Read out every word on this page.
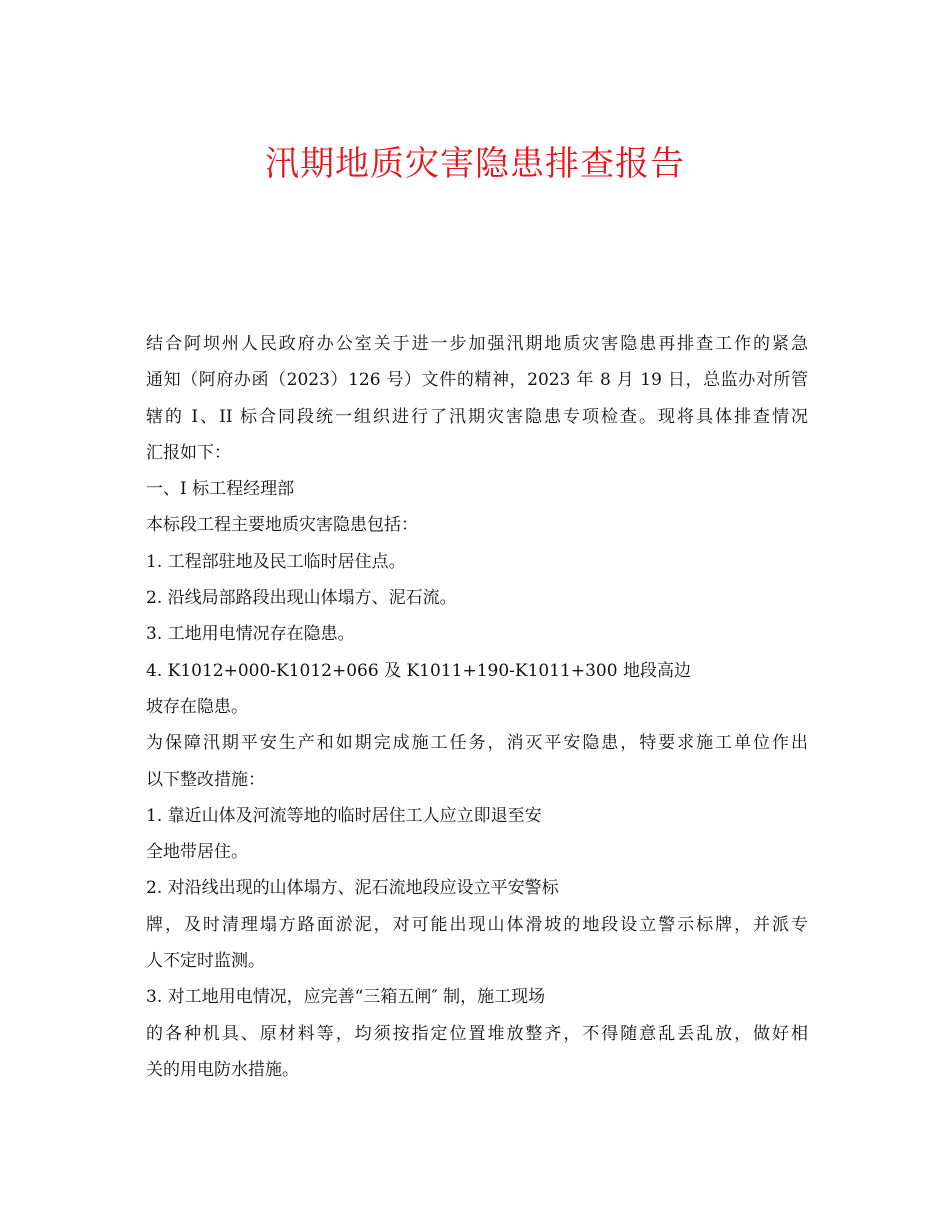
汛期地质灾害隐患排查报告
结合阿坝州人民政府办公室关于进一步加强汛期地质灾害隐患再排查工作的紧急
通知（阿府办函（2023）126 号）文件的精神，2023 年 8 月 19 日，总监办对所管
辖的 I、II 标合同段统一组织进行了汛期灾害隐患专项检查。现将具体排查情况
汇报如下：
一、I 标工程经理部
本标段工程主要地质灾害隐患包括：
1. 工程部驻地及民工临时居住点。
2. 沿线局部路段出现山体塌方、泥石流。
3. 工地用电情况存在隐患。
4. K1012+000-K1012+066 及 K1011+190-K1011+300 地段高边
坡存在隐患。
为保障汛期平安生产和如期完成施工任务，消灭平安隐患，特要求施工单位作出
以下整改措施：
1. 靠近山体及河流等地的临时居住工人应立即退至安
全地带居住。
2. 对沿线出现的山体塌方、泥石流地段应设立平安警标
牌，及时清理塌方路面淤泥，对可能出现山体滑坡的地段设立警示标牌，并派专
人不定时监测。
3. 对工地用电情况，应完善“三箱五闸″ 制，施工现场
的各种机具、原材料等，均须按指定位置堆放整齐，不得随意乱丢乱放，做好相
关的用电防水措施。
